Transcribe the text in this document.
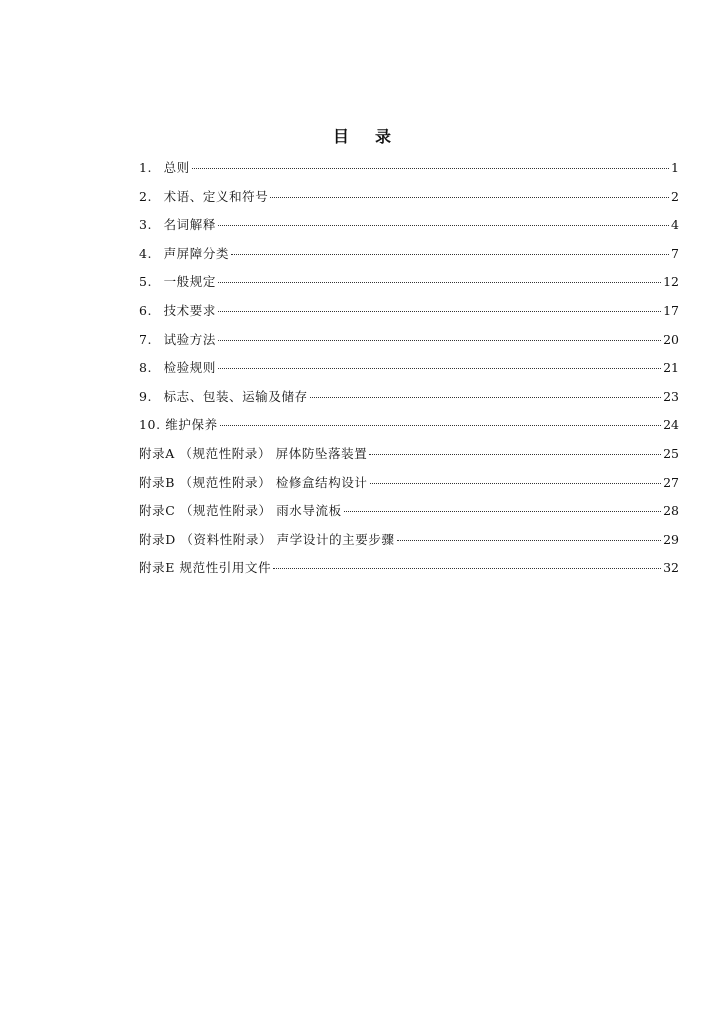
目 录
1. 总则	1
2. 术语、定义和符号	2
3. 名词解释	4
4. 声屏障分类	7
5. 一般规定	12
6. 技术要求	17
7. 试验方法	20
8. 检验规则	21
9. 标志、包装、运输及储存	23
10. 维护保养	24
附录A （规范性附录） 屏体防坠落装置	25
附录B （规范性附录） 检修盒结构设计	27
附录C （规范性附录） 雨水导流板	28
附录D （资料性附录） 声学设计的主要步骤	29
附录E 规范性引用文件	32
